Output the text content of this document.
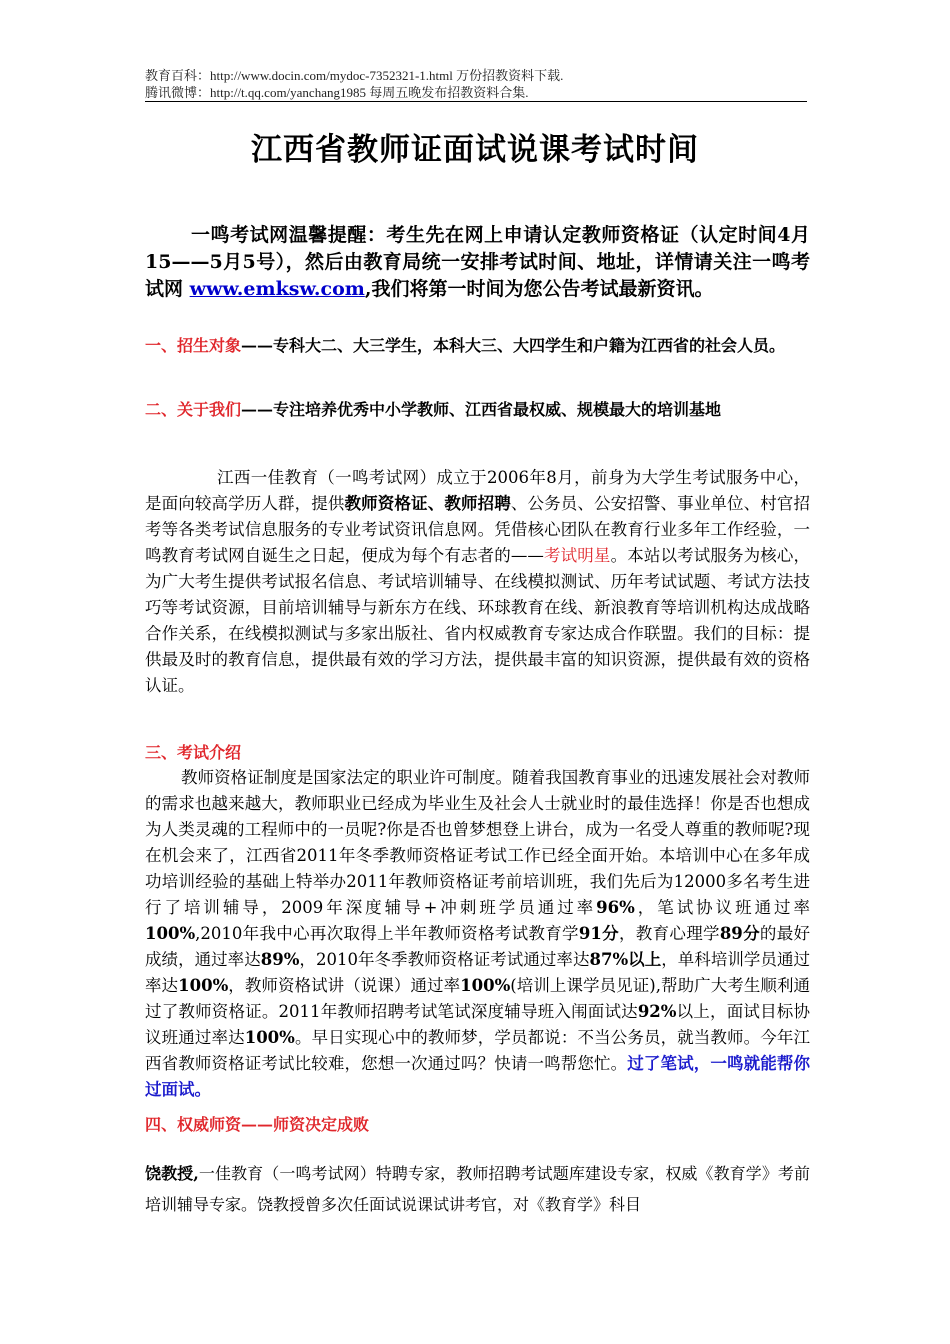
教育百科：http://www.docin.com/mydoc-7352321-1.html 万份招教资料下载.
腾讯微博：http://t.qq.com/yanchang1985 每周五晚发布招教资料合集.
江西省教师证面试说课考试时间
一鸣考试网温馨提醒：考生先在网上申请认定教师资格证（认定时间4月15——5月5号），然后由教育局统一安排考试时间、地址，详情请关注一鸣考试网 www.emksw.com,我们将第一时间为您公告考试最新资讯。
一、招生对象——专科大二、大三学生，本科大三、大四学生和户籍为江西省的社会人员。
二、关于我们——专注培养优秀中小学教师、江西省最权威、规模最大的培训基地
江西一佳教育（一鸣考试网）成立于2006年8月，前身为大学生考试服务中心，是面向较高学历人群，提供教师资格证、教师招聘、公务员、公安招警、事业单位、村官招考等各类考试信息服务的专业考试资讯信息网。凭借核心团队在教育行业多年工作经验，一鸣教育考试网自诞生之日起，便成为每个有志者的——考试明星。本站以考试服务为核心，为广大考生提供考试报名信息、考试培训辅导、在线模拟测试、历年考试试题、考试方法技巧等考试资源，目前培训辅导与新东方在线、环球教育在线、新浪教育等培训机构达成战略合作关系，在线模拟测试与多家出版社、省内权威教育专家达成合作联盟。我们的目标：提供最及时的教育信息，提供最有效的学习方法，提供最丰富的知识资源，提供最有效的资格认证。
三、考试介绍
教师资格证制度是国家法定的职业许可制度。随着我国教育事业的迅速发展社会对教师的需求也越来越大，教师职业已经成为毕业生及社会人士就业时的最佳选择！你是否也想成为人类灵魂的工程师中的一员呢?你是否也曾梦想登上讲台，成为一名受人尊重的教师呢?现在机会来了，江西省2011年冬季教师资格证考试工作已经全面开始。本培训中心在多年成功培训经验的基础上特举办2011年教师资格证考前培训班，我们先后为12000多名考生进行了培训辅导，2009年深度辅导+冲刺班学员通过率96%，笔试协议班通过率100%,2010年我中心再次取得上半年教师资格考试教育学91分，教育心理学89分的最好成绩，通过率达89%，2010年冬季教师资格证考试通过率达87%以上，单科培训学员通过率达100%，教师资格试讲（说课）通过率100%(培训上课学员见证),帮助广大考生顺利通过了教师资格证。2011年教师招聘考试笔试深度辅导班入闱面试达92%以上，面试目标协议班通过率达100%。早日实现心中的教师梦，学员都说：不当公务员，就当教师。今年江西省教师资格证考试比较难，您想一次通过吗？快请一鸣帮您忙。过了笔试，一鸣就能帮你过面试。
四、权威师资——师资决定成败
饶教授,一佳教育（一鸣考试网）特聘专家，教师招聘考试题库建设专家，权威《教育学》考前培训辅导专家。饶教授曾多次任面试说课试讲考官，对《教育学》科目
